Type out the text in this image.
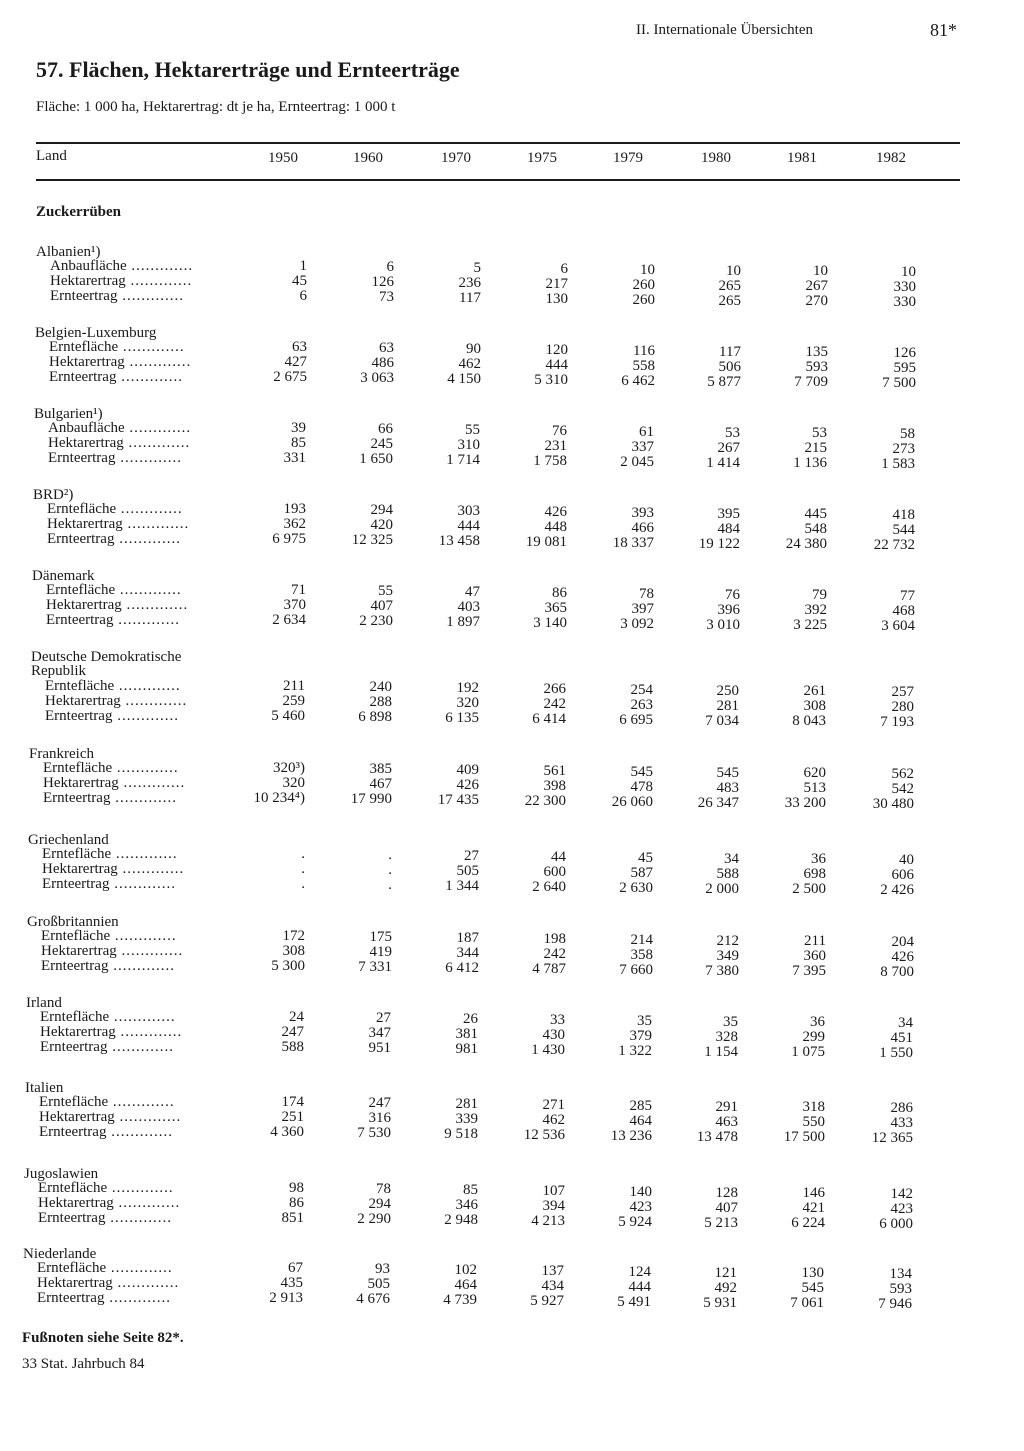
II. Internationale Übersichten	81*
57. Flächen, Hektarerträge und Ernteerträge
Fläche: 1 000 ha, Hektarertrag: dt je ha, Ernteertrag: 1 000 t
Land	1950	1960	1970	1975	1979	1980	1981	1982
Zuckerrüben
Albanien¹)
Anbaufläche .............	1	6	5	6	10	10	10	10
Hektarertrag .............	45	126	236	217	260	265	267	330
Ernteertrag .............	6	73	117	130	260	265	270	330
Belgien-Luxemburg
Erntefläche .............	63	63	90	120	116	117	135	126
Hektarertrag .............	427	486	462	444	558	506	593	595
Ernteertrag .............	2 675	3 063	4 150	5 310	6 462	5 877	7 709	7 500
Bulgarien¹)
Anbaufläche .............	39	66	55	76	61	53	53	58
Hektarertrag .............	85	245	310	231	337	267	215	273
Ernteertrag .............	331	1 650	1 714	1 758	2 045	1 414	1 136	1 583
BRD²)
Erntefläche .............	193	294	303	426	393	395	445	418
Hektarertrag .............	362	420	444	448	466	484	548	544
Ernteertrag .............	6 975	12 325	13 458	19 081	18 337	19 122	24 380	22 732
Dänemark
Erntefläche .............	71	55	47	86	78	76	79	77
Hektarertrag .............	370	407	403	365	397	396	392	468
Ernteertrag .............	2 634	2 230	1 897	3 140	3 092	3 010	3 225	3 604
Deutsche Demokratische Republik
Erntefläche .............	211	240	192	266	254	250	261	257
Hektarertrag .............	259	288	320	242	263	281	308	280
Ernteertrag .............	5 460	6 898	6 135	6 414	6 695	7 034	8 043	7 193
Frankreich
Erntefläche .............	320³)	385	409	561	545	545	620	562
Hektarertrag .............	320	467	426	398	478	483	513	542
Ernteertrag .............	10 234⁴)	17 990	17 435	22 300	26 060	26 347	33 200	30 480
Griechenland
Erntefläche .............	.	.	27	44	45	34	36	40
Hektarertrag .............	.	.	505	600	587	588	698	606
Ernteertrag .............	.	.	1 344	2 640	2 630	2 000	2 500	2 426
Großbritannien
Erntefläche .............	172	175	187	198	214	212	211	204
Hektarertrag .............	308	419	344	242	358	349	360	426
Ernteertrag .............	5 300	7 331	6 412	4 787	7 660	7 380	7 395	8 700
Irland
Erntefläche .............	24	27	26	33	35	35	36	34
Hektarertrag .............	247	347	381	430	379	328	299	451
Ernteertrag .............	588	951	981	1 430	1 322	1 154	1 075	1 550
Italien
Erntefläche .............	174	247	281	271	285	291	318	286
Hektarertrag .............	251	316	339	462	464	463	550	433
Ernteertrag .............	4 360	7 530	9 518	12 536	13 236	13 478	17 500	12 365
Jugoslawien
Erntefläche .............	98	78	85	107	140	128	146	142
Hektarertrag .............	86	294	346	394	423	407	421	423
Ernteertrag .............	851	2 290	2 948	4 213	5 924	5 213	6 224	6 000
Niederlande
Erntefläche .............	67	93	102	137	124	121	130	134
Hektarertrag .............	435	505	464	434	444	492	545	593
Ernteertrag .............	2 913	4 676	4 739	5 927	5 491	5 931	7 061	7 946
Fußnoten siehe Seite 82*.
33 Stat. Jahrbuch 84
